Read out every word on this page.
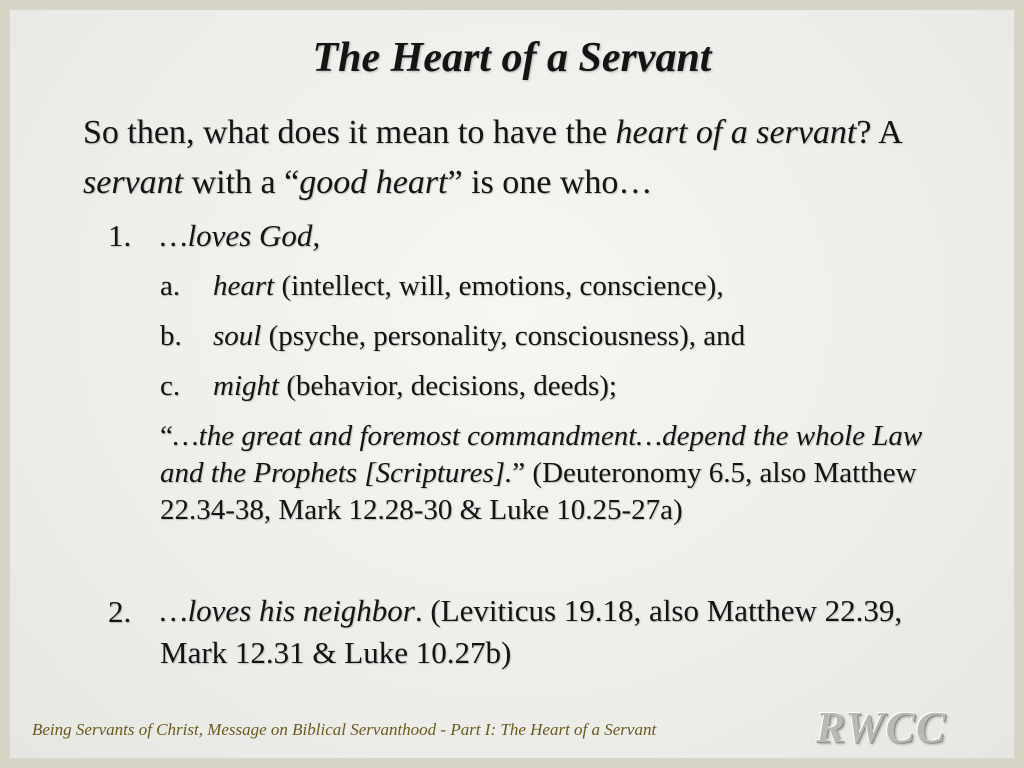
The Heart of a Servant
So then, what does it mean to have the heart of a servant? A servant with a “good heart” is one who…
1. …loves God,
a. heart (intellect, will, emotions, conscience),
b. soul (psyche, personality, consciousness), and
c. might (behavior, decisions, deeds);
“…the great and foremost commandment…depend the whole Law and the Prophets [Scriptures].” (Deuteronomy 6.5, also Matthew 22.34-38, Mark 12.28-30 & Luke 10.25-27a)
2. …loves his neighbor. (Leviticus 19.18, also Matthew 22.39, Mark 12.31 & Luke 10.27b)
Being Servants of Christ, Message on Biblical Servanthood - Part I: The Heart of a Servant	RWCC
